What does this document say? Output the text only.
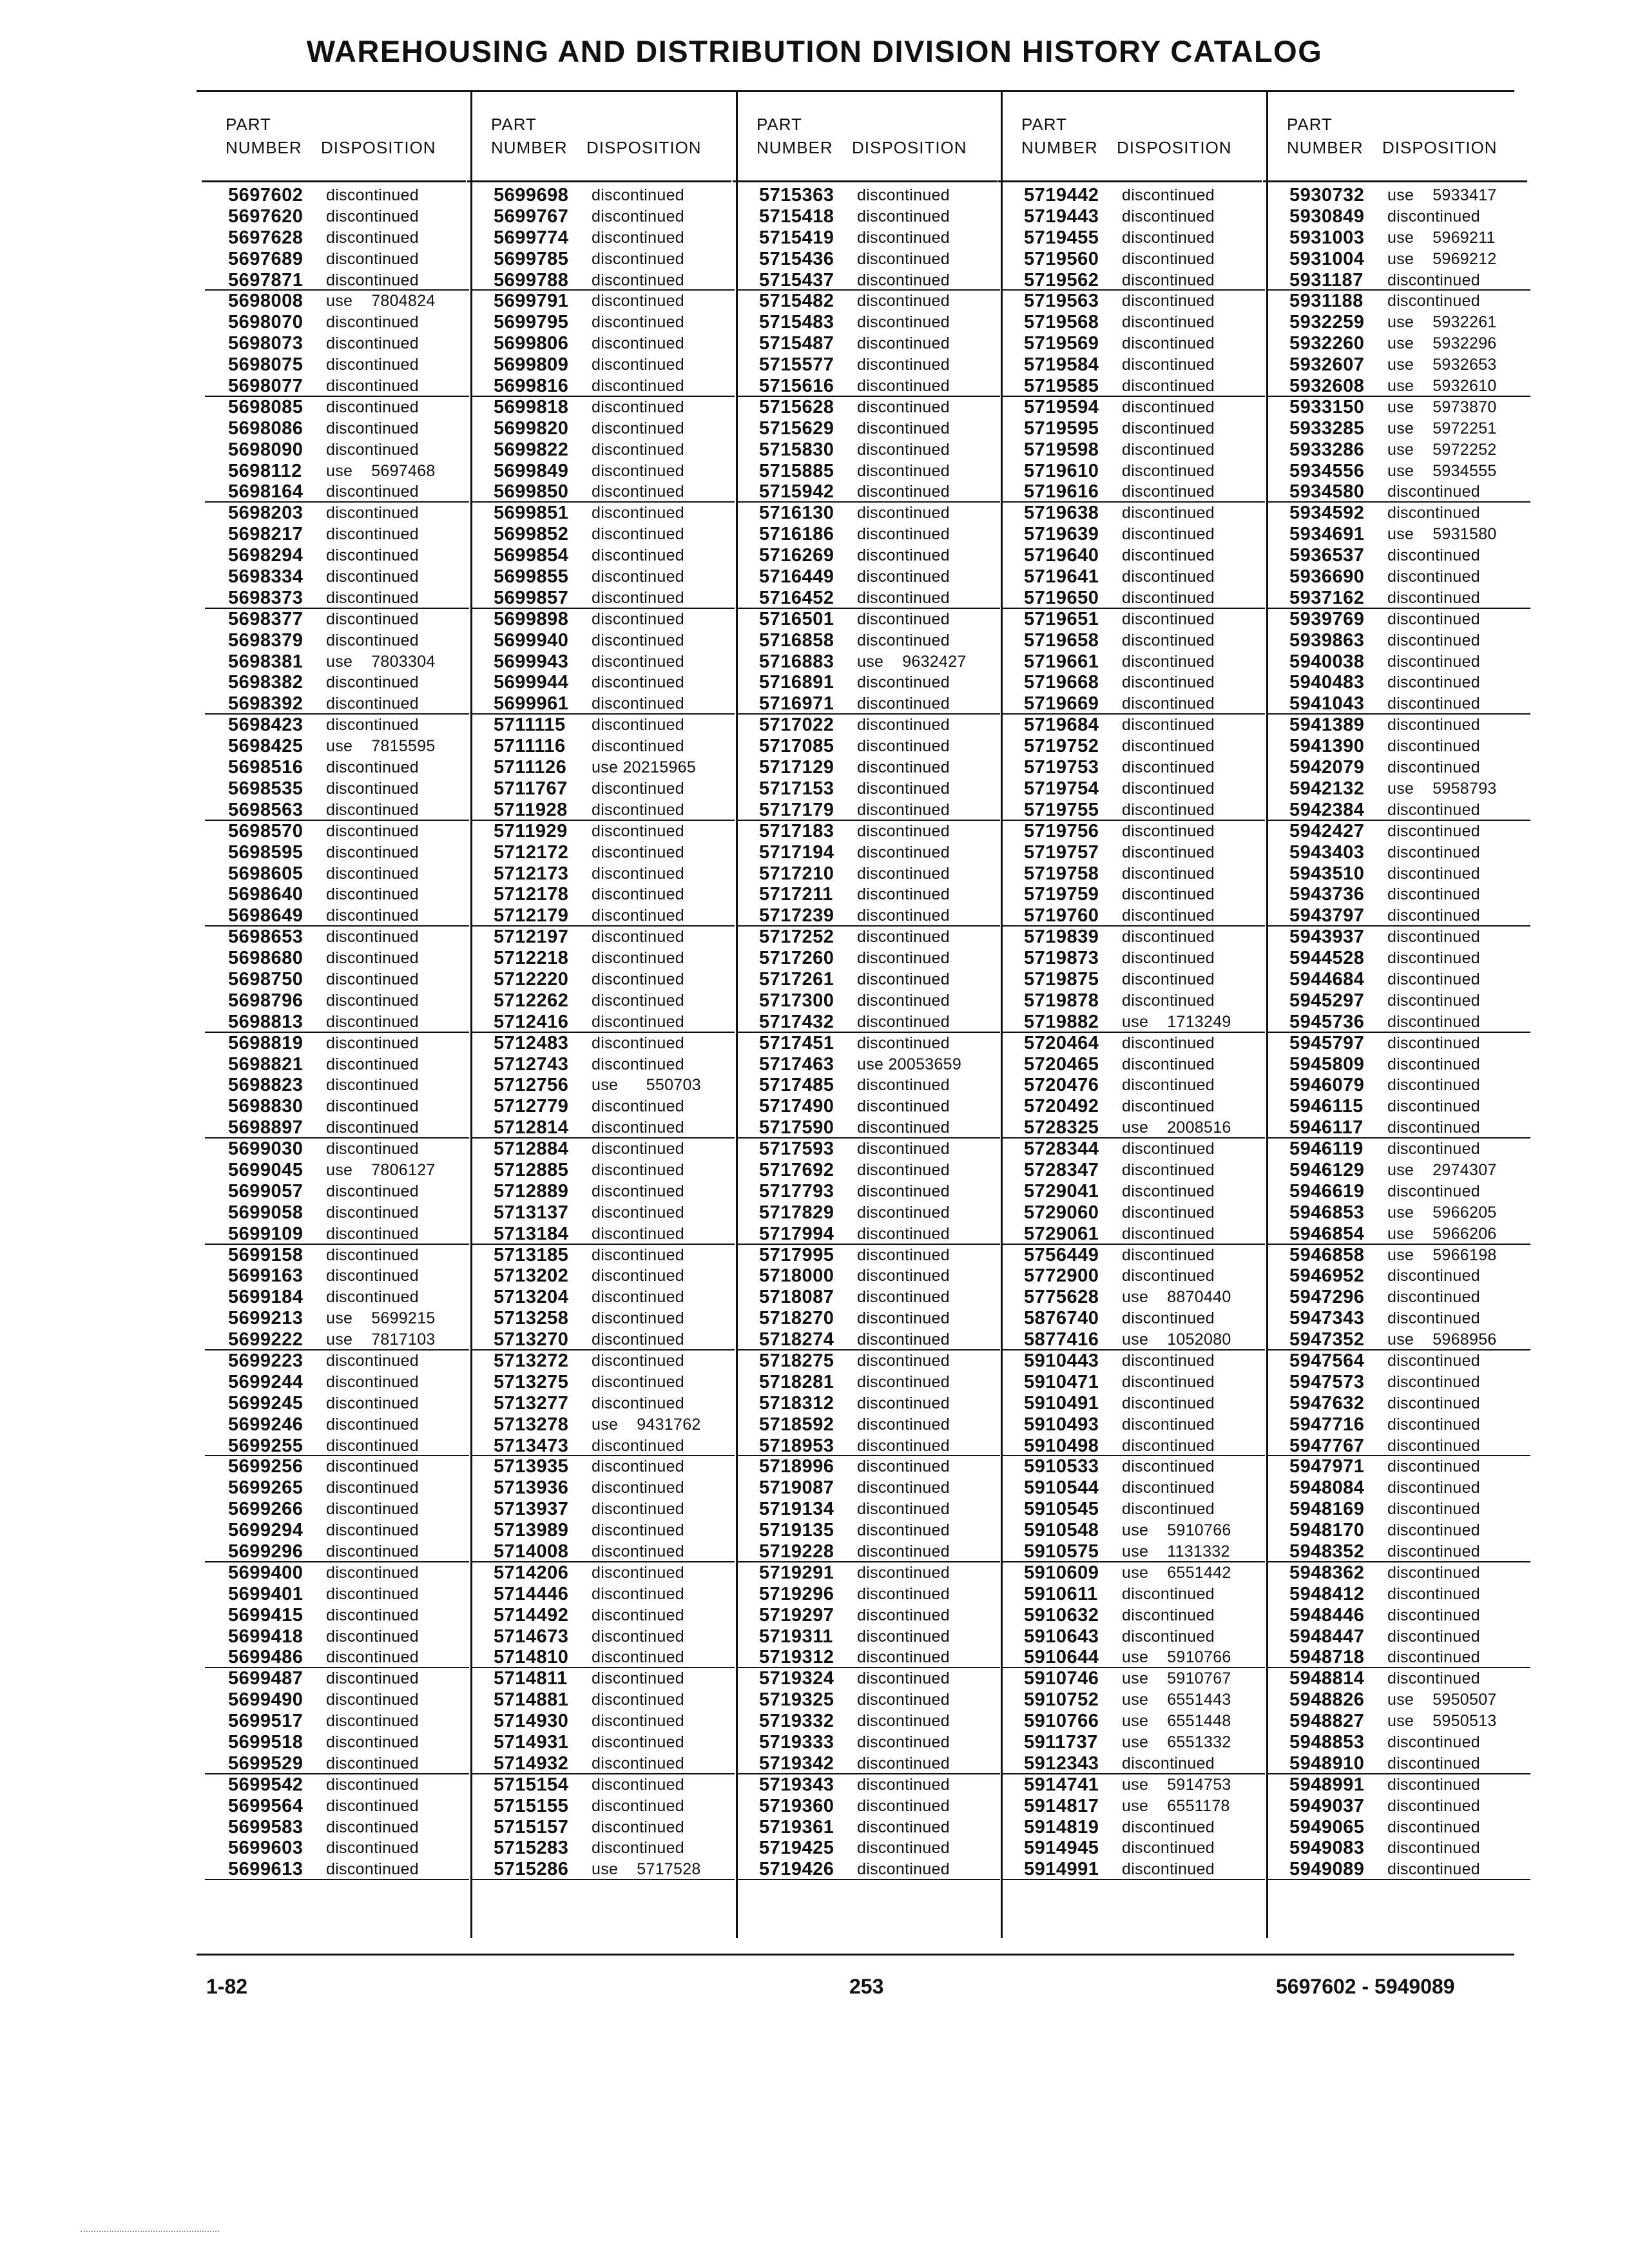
WAREHOUSING AND DISTRIBUTION DIVISION HISTORY CATALOG
PART
NUMBER DISPOSITION
5697602 discontinued
5697620 discontinued
5697628 discontinued
5697689 discontinued
5697871 discontinued
5698008 use    7804824
5698070 discontinued
5698073 discontinued
5698075 discontinued
5698077 discontinued
5698085 discontinued
5698086 discontinued
5698090 discontinued
5698112 use    5697468
5698164 discontinued
5698203 discontinued
5698217 discontinued
5698294 discontinued
5698334 discontinued
5698373 discontinued
5698377 discontinued
5698379 discontinued
5698381 use    7803304
5698382 discontinued
5698392 discontinued
5698423 discontinued
5698425 use    7815595
5698516 discontinued
5698535 discontinued
5698563 discontinued
5698570 discontinued
5698595 discontinued
5698605 discontinued
5698640 discontinued
5698649 discontinued
5698653 discontinued
5698680 discontinued
5698750 discontinued
5698796 discontinued
5698813 discontinued
5698819 discontinued
5698821 discontinued
5698823 discontinued
5698830 discontinued
5698897 discontinued
5699030 discontinued
5699045 use    7806127
5699057 discontinued
5699058 discontinued
5699109 discontinued
5699158 discontinued
5699163 discontinued
5699184 discontinued
5699213 use    5699215
5699222 use    7817103
5699223 discontinued
5699244 discontinued
5699245 discontinued
5699246 discontinued
5699255 discontinued
5699256 discontinued
5699265 discontinued
5699266 discontinued
5699294 discontinued
5699296 discontinued
5699400 discontinued
5699401 discontinued
5699415 discontinued
5699418 discontinued
5699486 discontinued
5699487 discontinued
5699490 discontinued
5699517 discontinued
5699518 discontinued
5699529 discontinued
5699542 discontinued
5699564 discontinued
5699583 discontinued
5699603 discontinued
5699613 discontinued
PART
NUMBER DISPOSITION
5699698 discontinued
5699767 discontinued
5699774 discontinued
5699785 discontinued
5699788 discontinued
5699791 discontinued
5699795 discontinued
5699806 discontinued
5699809 discontinued
5699816 discontinued
5699818 discontinued
5699820 discontinued
5699822 discontinued
5699849 discontinued
5699850 discontinued
5699851 discontinued
5699852 discontinued
5699854 discontinued
5699855 discontinued
5699857 discontinued
5699898 discontinued
5699940 discontinued
5699943 discontinued
5699944 discontinued
5699961 discontinued
5711115 discontinued
5711116 discontinued
5711126 use 20215965
5711767 discontinued
5711928 discontinued
5711929 discontinued
5712172 discontinued
5712173 discontinued
5712178 discontinued
5712179 discontinued
5712197 discontinued
5712218 discontinued
5712220 discontinued
5712262 discontinued
5712416 discontinued
5712483 discontinued
5712743 discontinued
5712756 use      550703
5712779 discontinued
5712814 discontinued
5712884 discontinued
5712885 discontinued
5712889 discontinued
5713137 discontinued
5713184 discontinued
5713185 discontinued
5713202 discontinued
5713204 discontinued
5713258 discontinued
5713270 discontinued
5713272 discontinued
5713275 discontinued
5713277 discontinued
5713278 use    9431762
5713473 discontinued
5713935 discontinued
5713936 discontinued
5713937 discontinued
5713989 discontinued
5714008 discontinued
5714206 discontinued
5714446 discontinued
5714492 discontinued
5714673 discontinued
5714810 discontinued
5714811 discontinued
5714881 discontinued
5714930 discontinued
5714931 discontinued
5714932 discontinued
5715154 discontinued
5715155 discontinued
5715157 discontinued
5715283 discontinued
5715286 use    5717528
PART
NUMBER DISPOSITION
5715363 discontinued
5715418 discontinued
5715419 discontinued
5715436 discontinued
5715437 discontinued
5715482 discontinued
5715483 discontinued
5715487 discontinued
5715577 discontinued
5715616 discontinued
5715628 discontinued
5715629 discontinued
5715830 discontinued
5715885 discontinued
5715942 discontinued
5716130 discontinued
5716186 discontinued
5716269 discontinued
5716449 discontinued
5716452 discontinued
5716501 discontinued
5716858 discontinued
5716883 use    9632427
5716891 discontinued
5716971 discontinued
5717022 discontinued
5717085 discontinued
5717129 discontinued
5717153 discontinued
5717179 discontinued
5717183 discontinued
5717194 discontinued
5717210 discontinued
5717211 discontinued
5717239 discontinued
5717252 discontinued
5717260 discontinued
5717261 discontinued
5717300 discontinued
5717432 discontinued
5717451 discontinued
5717463 use 20053659
5717485 discontinued
5717490 discontinued
5717590 discontinued
5717593 discontinued
5717692 discontinued
5717793 discontinued
5717829 discontinued
5717994 discontinued
5717995 discontinued
5718000 discontinued
5718087 discontinued
5718270 discontinued
5718274 discontinued
5718275 discontinued
5718281 discontinued
5718312 discontinued
5718592 discontinued
5718953 discontinued
5718996 discontinued
5719087 discontinued
5719134 discontinued
5719135 discontinued
5719228 discontinued
5719291 discontinued
5719296 discontinued
5719297 discontinued
5719311 discontinued
5719312 discontinued
5719324 discontinued
5719325 discontinued
5719332 discontinued
5719333 discontinued
5719342 discontinued
5719343 discontinued
5719360 discontinued
5719361 discontinued
5719425 discontinued
5719426 discontinued
PART
NUMBER DISPOSITION
5719442 discontinued
5719443 discontinued
5719455 discontinued
5719560 discontinued
5719562 discontinued
5719563 discontinued
5719568 discontinued
5719569 discontinued
5719584 discontinued
5719585 discontinued
5719594 discontinued
5719595 discontinued
5719598 discontinued
5719610 discontinued
5719616 discontinued
5719638 discontinued
5719639 discontinued
5719640 discontinued
5719641 discontinued
5719650 discontinued
5719651 discontinued
5719658 discontinued
5719661 discontinued
5719668 discontinued
5719669 discontinued
5719684 discontinued
5719752 discontinued
5719753 discontinued
5719754 discontinued
5719755 discontinued
5719756 discontinued
5719757 discontinued
5719758 discontinued
5719759 discontinued
5719760 discontinued
5719839 discontinued
5719873 discontinued
5719875 discontinued
5719878 discontinued
5719882 use    1713249
5720464 discontinued
5720465 discontinued
5720476 discontinued
5720492 discontinued
5728325 use    2008516
5728344 discontinued
5728347 discontinued
5729041 discontinued
5729060 discontinued
5729061 discontinued
5756449 discontinued
5772900 discontinued
5775628 use    8870440
5876740 discontinued
5877416 use    1052080
5910443 discontinued
5910471 discontinued
5910491 discontinued
5910493 discontinued
5910498 discontinued
5910533 discontinued
5910544 discontinued
5910545 discontinued
5910548 use    5910766
5910575 use    1131332
5910609 use    6551442
5910611 discontinued
5910632 discontinued
5910643 discontinued
5910644 use    5910766
5910746 use    5910767
5910752 use    6551443
5910766 use    6551448
5911737 use    6551332
5912343 discontinued
5914741 use    5914753
5914817 use    6551178
5914819 discontinued
5914945 discontinued
5914991 discontinued
PART
NUMBER DISPOSITION
5930732 use    5933417
5930849 discontinued
5931003 use    5969211
5931004 use    5969212
5931187 discontinued
5931188 discontinued
5932259 use    5932261
5932260 use    5932296
5932607 use    5932653
5932608 use    5932610
5933150 use    5973870
5933285 use    5972251
5933286 use    5972252
5934556 use    5934555
5934580 discontinued
5934592 discontinued
5934691 use    5931580
5936537 discontinued
5936690 discontinued
5937162 discontinued
5939769 discontinued
5939863 discontinued
5940038 discontinued
5940483 discontinued
5941043 discontinued
5941389 discontinued
5941390 discontinued
5942079 discontinued
5942132 use    5958793
5942384 discontinued
5942427 discontinued
5943403 discontinued
5943510 discontinued
5943736 discontinued
5943797 discontinued
5943937 discontinued
5944528 discontinued
5944684 discontinued
5945297 discontinued
5945736 discontinued
5945797 discontinued
5945809 discontinued
5946079 discontinued
5946115 discontinued
5946117 discontinued
5946119 discontinued
5946129 use    2974307
5946619 discontinued
5946853 use    5966205
5946854 use    5966206
5946858 use    5966198
5946952 discontinued
5947296 discontinued
5947343 discontinued
5947352 use    5968956
5947564 discontinued
5947573 discontinued
5947632 discontinued
5947716 discontinued
5947767 discontinued
5947971 discontinued
5948084 discontinued
5948169 discontinued
5948170 discontinued
5948352 discontinued
5948362 discontinued
5948412 discontinued
5948446 discontinued
5948447 discontinued
5948718 discontinued
5948814 discontinued
5948826 use    5950507
5948827 use    5950513
5948853 discontinued
5948910 discontinued
5948991 discontinued
5949037 discontinued
5949065 discontinued
5949083 discontinued
5949089 discontinued
1-82	253	5697602 - 5949089
